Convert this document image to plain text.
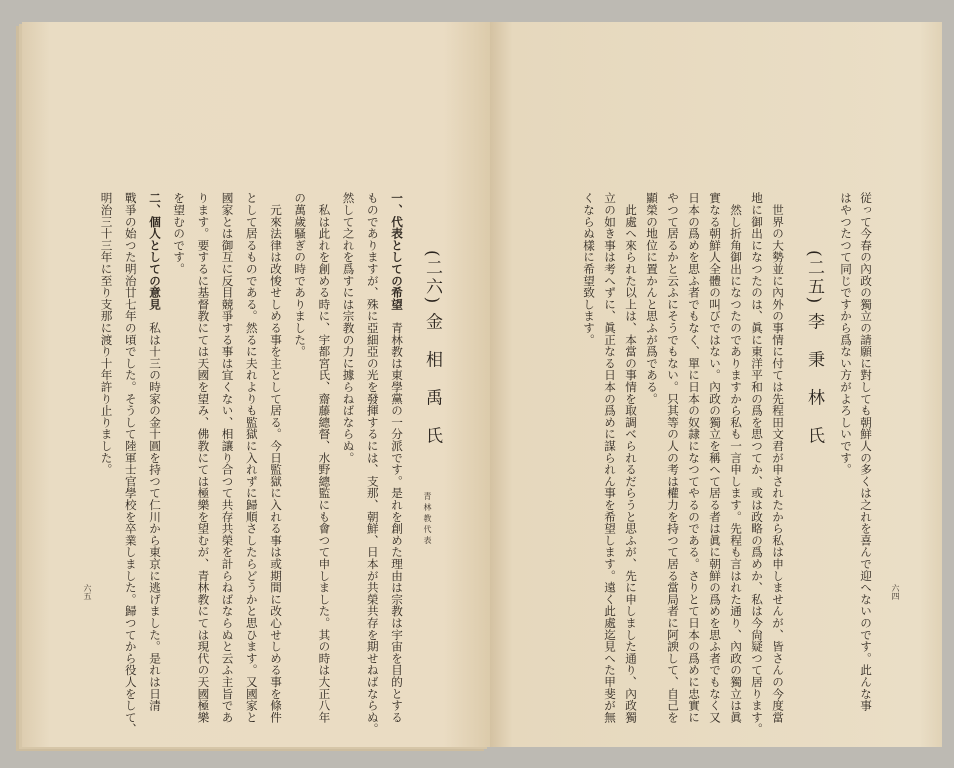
(二六) 金　相　禹　氏
青林教代表
一、代表としての希望　青林教は東學黨の一分派です。是れを創めた理由は宗教は宇宙を目的とする
ものでありますが、殊に亞細亞の光を發揮するには、支那、朝鮮、日本が共榮共存を期せねばならぬ。
然して之れを爲すには宗教の力に據らねばならぬ。
　私は此れを創める時に、宇都宮氏、齋藤總督、水野總監にも會つて申しました。其の時は大正八年
の萬歲騷ぎの時でありました。
　元來法律は改悛せしめる事を主として居る。今日監獄に入れる事は或期間に改心せしめる事を條件
として居るものである。然るに夫れよりも監獄に入れずに歸順さしたらどうかと思ひます。又國家と
國家とは御互に反目競爭する事は宜くない、相讓り合つて共存共榮を計らねばならぬと云ふ主旨であ
ります。要するに基督教にては天國を望み、佛教にては極樂を望むが、青林教にては現代の天國極樂
を望むのです。
二、個人としての意見　私は十三の時家の金十圓を持つて仁川から東京に逃げました。是れは日清
戰爭の始つた明治廿七年の頃でした。そうして陸軍士官學校を卒業しました。歸つてから役人をして、
明治三十三年に至り支那に渡り十年許り止りました。
六五	従って今春の內政の獨立の請願に對しても朝鮮人の多くは之れを喜んで迎へないのです。此んな事
はやつたつて同じですから爲ない方がよろしいです。
(二五) 李　秉　林　氏
　世界の大勢並に內外の事情に付ては先程田文君が申されたから私は申しませんが、皆さんの今度當
地に御出になつたのは、眞に東洋平和の爲を思つてか、或は政略の爲めか、私は今尙疑つて居ります。
　然し折角御出になつたのでありますから私も一言申します。先程も言はれた通り、內政の獨立は眞
實なる朝鮮人全體の叫びではない。內政の獨立を稱へて居る者は眞に朝鮮の爲めを思ふ者でもなく又
日本の爲めを思ふ者でもなく、單に日本の奴隷になつてやるのである。さりとて日本の爲めに忠實に
やつて居るかと云ふにそうでもない。只其等の人の考は權力を持つて居る當局者に阿諛して、自己を
顯榮の地位に置かんと思ふが爲である。
　此處へ來られた以上は、本當の事情を取調べられるだらうと思ふが、先に申しました通り、內政獨
立の如き事は考へずに、眞正なる日本の爲めに謀られん事を希望します。遠く此處迄見へた甲斐が無
くならぬ樣に希望致します。
六四
